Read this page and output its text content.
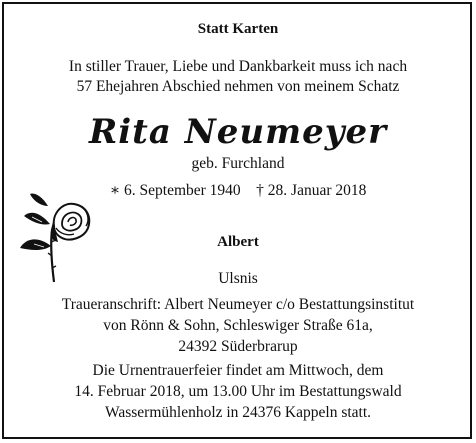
Statt Karten
In stiller Trauer, Liebe und Dankbarkeit muss ich nach
57 Ehejahren Abschied nehmen von meinem Schatz
Rita Neumeyer
geb. Furchland
∗ 6. September 1940    † 28. Januar 2018
Albert
Ulsnis
Traueranschrift: Albert Neumeyer c/o Bestattungsinstitut
von Rönn & Sohn, Schleswiger Straße 61a,
24392 Süderbrarup
Die Urnentrauerfeier findet am Mittwoch, dem
14. Februar 2018, um 13.00 Uhr im Bestattungswald
Wassermühlenholz in 24376 Kappeln statt.
